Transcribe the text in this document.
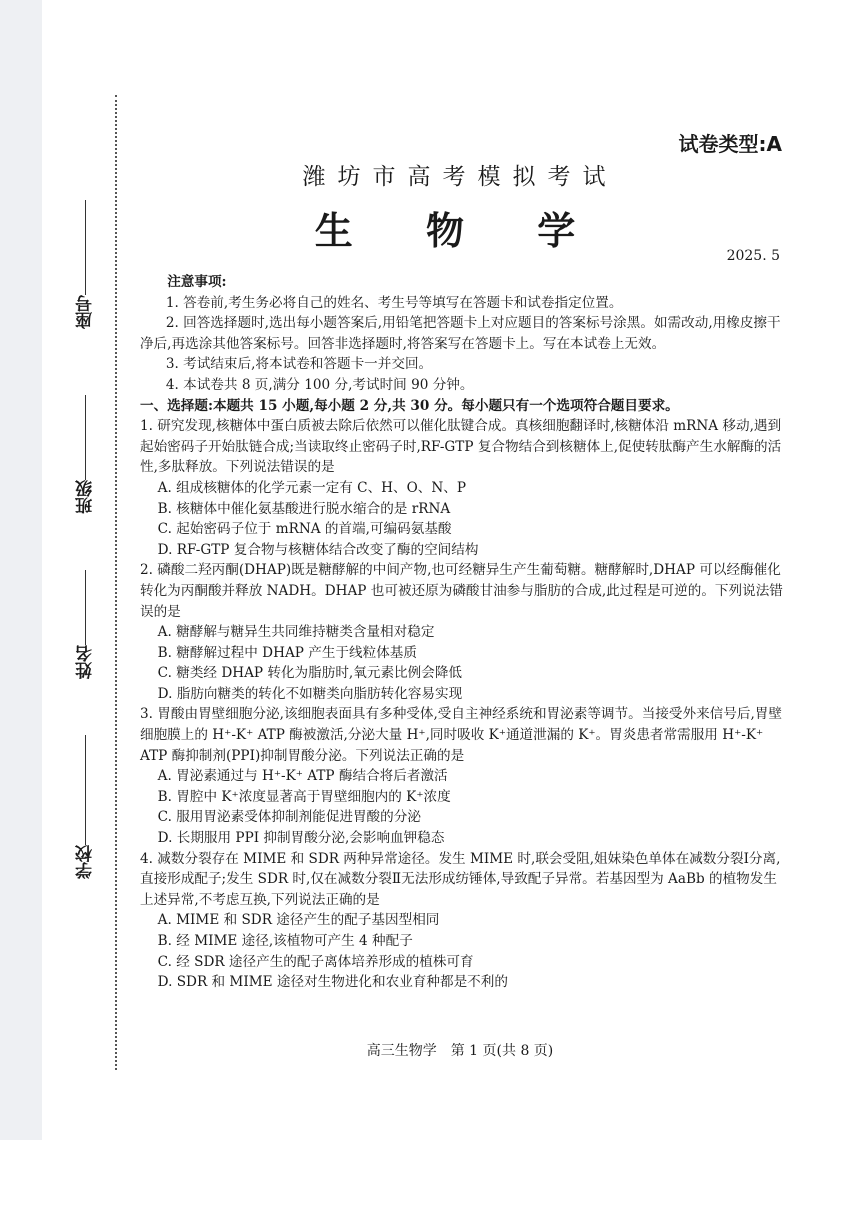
座号
班级
姓名
学校
试卷类型:A
潍坊市高考模拟考试
生 物 学
2025. 5

注意事项:

1. 答卷前,考生务必将自己的姓名、考生号等填写在答题卡和试卷指定位置。

2. 回答选择题时,选出每小题答案后,用铅笔把答题卡上对应题目的答案标号涂黑。如需改动,用橡皮擦干净后,再选涂其他答案标号。回答非选择题时,将答案写在答题卡上。写在本试卷上无效。

3. 考试结束后,将本试卷和答题卡一并交回。

4. 本试卷共 8 页,满分 100 分,考试时间 90 分钟。

一、选择题:本题共 15 小题,每小题 2 分,共 30 分。每小题只有一个选项符合题目要求。

1. 研究发现,核糖体中蛋白质被去除后依然可以催化肽键合成。真核细胞翻译时,核糖体沿 mRNA 移动,遇到起始密码子开始肽链合成;当读取终止密码子时,RF-GTP 复合物结合到核糖体上,促使转肽酶产生水解酶的活性,多肽释放。下列说法错误的是

A. 组成核糖体的化学元素一定有 C、H、O、N、P

B. 核糖体中催化氨基酸进行脱水缩合的是 rRNA

C. 起始密码子位于 mRNA 的首端,可编码氨基酸

D. RF-GTP 复合物与核糖体结合改变了酶的空间结构

2. 磷酸二羟丙酮(DHAP)既是糖酵解的中间产物,也可经糖异生产生葡萄糖。糖酵解时,DHAP 可以经酶催化转化为丙酮酸并释放 NADH。DHAP 也可被还原为磷酸甘油参与脂肪的合成,此过程是可逆的。下列说法错误的是

A. 糖酵解与糖异生共同维持糖类含量相对稳定

B. 糖酵解过程中 DHAP 产生于线粒体基质

C. 糖类经 DHAP 转化为脂肪时,氧元素比例会降低

D. 脂肪向糖类的转化不如糖类向脂肪转化容易实现

3. 胃酸由胃壁细胞分泌,该细胞表面具有多种受体,受自主神经系统和胃泌素等调节。当接受外来信号后,胃壁细胞膜上的 H⁺-K⁺ ATP 酶被激活,分泌大量 H⁺,同时吸收 K⁺通道泄漏的 K⁺。胃炎患者常需服用 H⁺-K⁺ ATP 酶抑制剂(PPI)抑制胃酸分泌。下列说法正确的是

A. 胃泌素通过与 H⁺-K⁺ ATP 酶结合将后者激活

B. 胃腔中 K⁺浓度显著高于胃壁细胞内的 K⁺浓度

C. 服用胃泌素受体抑制剂能促进胃酸的分泌

D. 长期服用 PPI 抑制胃酸分泌,会影响血钾稳态

4. 减数分裂存在 MIME 和 SDR 两种异常途径。发生 MIME 时,联会受阻,姐妹染色单体在减数分裂Ⅰ分离,直接形成配子;发生 SDR 时,仅在减数分裂Ⅱ无法形成纺锤体,导致配子异常。若基因型为 AaBb 的植物发生上述异常,不考虑互换,下列说法正确的是

A. MIME 和 SDR 途径产生的配子基因型相同

B. 经 MIME 途径,该植物可产生 4 种配子

C. 经 SDR 途径产生的配子离体培养形成的植株可育

D. SDR 和 MIME 途径对生物进化和农业育种都是不利的

高三生物学　第 1 页(共 8 页)
